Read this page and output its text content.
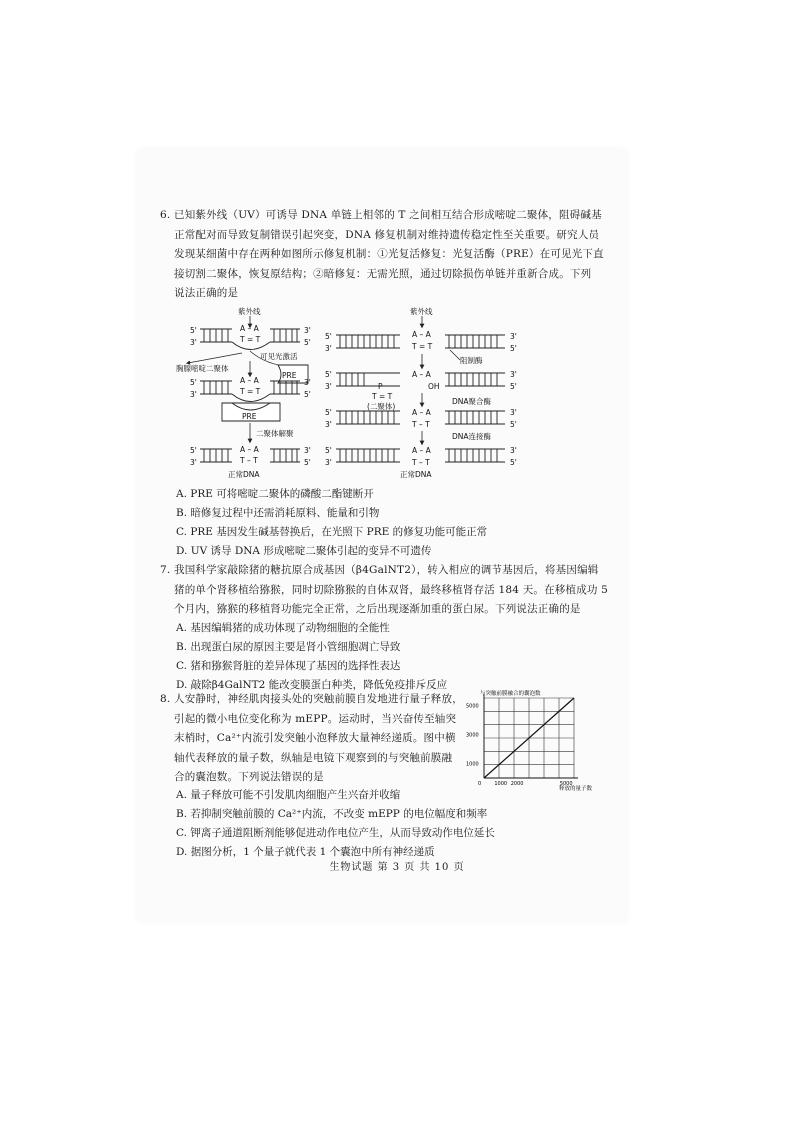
6. 已知紫外线（UV）可诱导 DNA 单链上相邻的 T 之间相互结合形成嘧啶二聚体，阻碍碱基

正常配对而导致复制错误引起突变，DNA 修复机制对维持遗传稳定性至关重要。研究人员

发现某细菌中存在两种如图所示修复机制：①光复活修复：光复活酶（PRE）在可见光下直

接切割二聚体，恢复原结构；②暗修复：无需光照，通过切除损伤单链并重新合成。下列

说法正确的是

紫外线
5'
3'
A – A
T = T
3'
5'
胸腺嘧啶二聚体
可见光激活
PRE
5'
3'
A – A
T = T
3'
5'
PRE
二聚体解聚
5'
3'
A – A
T – T
3'
5'
正常DNA
紫外线
5'
3'
A – A
T = T
3'
5'
阻制酶
5'
3'
A – A
OH
3'
5'
P
T = T
(二聚体)
DNA聚合酶
5'
3'
A – A
T – T
3'
5'
DNA连接酶
5'
3'
A – A
T – T
3'
5'
正常DNA
A. PRE 可将嘧啶二聚体的磷酸二酯键断开
B. 暗修复过程中还需消耗原料、能量和引物
C. PRE 基因发生碱基替换后，在光照下 PRE 的修复功能可能正常
D. UV 诱导 DNA 形成嘧啶二聚体引起的变异不可遗传

7. 我国科学家敲除猪的糖抗原合成基因（β4GalNT2），转入相应的调节基因后，将基因编辑

猪的单个肾移植给猕猴，同时切除猕猴的自体双肾，最终移植肾存活 184 天。在移植成功 5

个月内，猕猴的移植肾功能完全正常，之后出现逐渐加重的蛋白尿。下列说法正确的是

A. 基因编辑猪的成功体现了动物细胞的全能性
B. 出现蛋白尿的原因主要是肾小管细胞凋亡导致
C. 猪和猕猴肾脏的差异体现了基因的选择性表达
D. 敲除β4GalNT2 能改变膜蛋白种类，降低免疫排斥反应

8. 人安静时，神经肌肉接头处的突触前膜自发地进行量子释放，

引起的微小电位变化称为 mEPP。运动时，当兴奋传至轴突

末梢时，Ca²⁺内流引发突触小泡释放大量神经递质。图中横

轴代表释放的量子数，纵轴是电镜下观察到的与突触前膜融

合的囊泡数。下列说法错误的是

A. 量子释放可能不引发肌肉细胞产生兴奋并收缩
B. 若抑制突触前膜的 Ca²⁺内流，不改变 mEPP 的电位幅度和频率
C. 钾离子通道阻断剂能够促进动作电位产生，从而导致动作电位延长
D. 据图分析，1 个量子就代表 1 个囊泡中所有神经递质
与突触前膜融合的囊泡数
0	1000 2000	5000
1000
3000
5000
释放的量子数
生物试题 第 3 页 共 10 页
